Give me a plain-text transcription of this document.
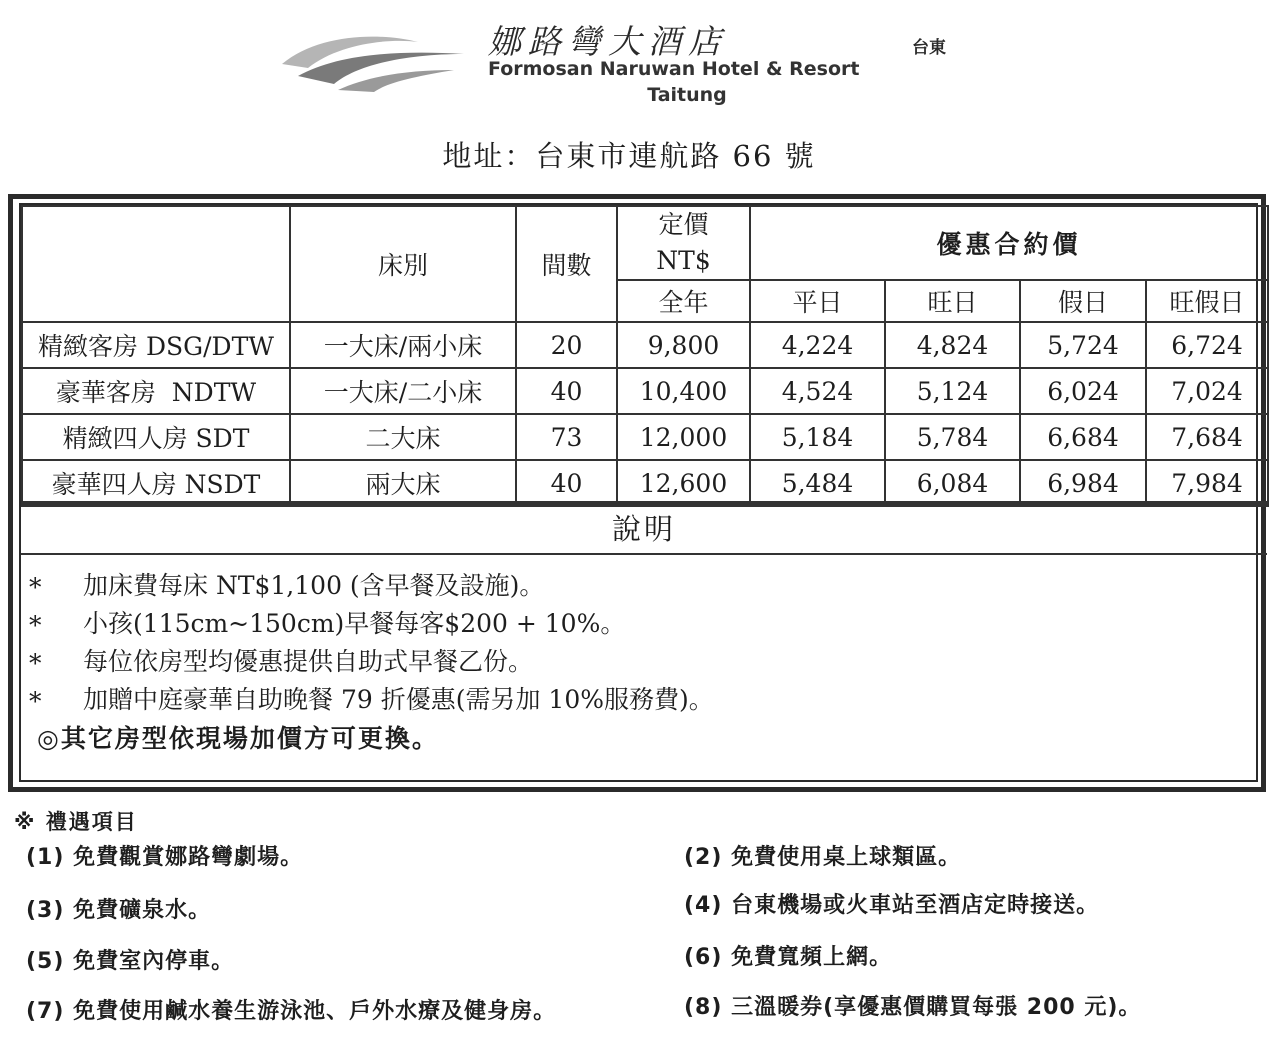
娜路彎大酒店	台東
Formosan Naruwan Hotel & Resort
Taitung
地址：台東市連航路 66 號
	床別	間數	定價
NT$	優惠合約價			
			全年	平日	旺日	假日	旺假日
精緻客房 DSG/DTW	一大床/兩小床	20	9,800	4,224	4,824	5,724	6,724
豪華客房  NDTW	一大床/二小床	40	10,400	4,524	5,124	6,024	7,024
精緻四人房 SDT	二大床	73	12,000	5,184	5,784	6,684	7,684
豪華四人房 NSDT	兩大床	40	12,600	5,484	6,084	6,984	7,984
說明
* 加床費每床 NT$1,100 (含早餐及設施)。
* 小孩(115cm~150cm)早餐每客$200 + 10%。
* 每位依房型均優惠提供自助式早餐乙份。
* 加贈中庭豪華自助晚餐 79 折優惠(需另加 10%服務費)。
◎其它房型依現場加價方可更換。
※ 禮遇項目
(1) 免費觀賞娜路彎劇場。	(2) 免費使用桌上球類區。
(3) 免費礦泉水。	(4) 台東機場或火車站至酒店定時接送。
(5) 免費室內停車。	(6) 免費寬頻上網。
(7) 免費使用鹹水養生游泳池、戶外水療及健身房。	(8) 三溫暖券(享優惠價購買每張 200 元)。
